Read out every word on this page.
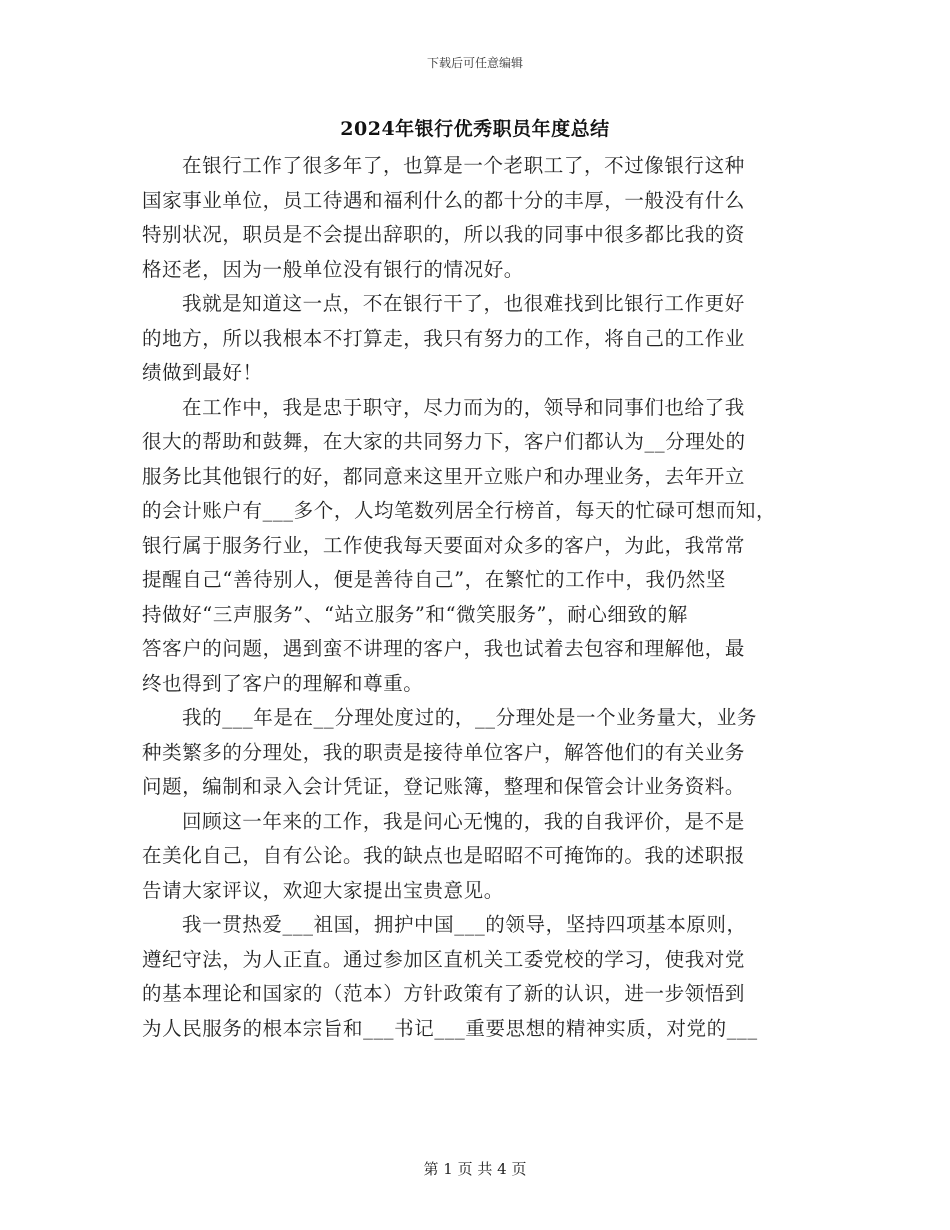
下载后可任意编辑
2024年银行优秀职员年度总结
在银行工作了很多年了，也算是一个老职工了，不过像银行这种
国家事业单位，员工待遇和福利什么的都十分的丰厚，一般没有什么
特别状况，职员是不会提出辞职的，所以我的同事中很多都比我的资
格还老，因为一般单位没有银行的情况好。
我就是知道这一点，不在银行干了，也很难找到比银行工作更好
的地方，所以我根本不打算走，我只有努力的工作，将自己的工作业
绩做到最好！
在工作中，我是忠于职守，尽力而为的，领导和同事们也给了我
很大的帮助和鼓舞，在大家的共同努力下，客户们都认为__分理处的
服务比其他银行的好，都同意来这里开立账户和办理业务，去年开立
的会计账户有___多个，人均笔数列居全行榜首，每天的忙碌可想而知，
银行属于服务行业，工作使我每天要面对众多的客户，为此，我常常
提醒自己“善待别人，便是善待自己”，在繁忙的工作中，我仍然坚
持做好“三声服务”、“站立服务”和“微笑服务”，耐心细致的解
答客户的问题，遇到蛮不讲理的客户，我也试着去包容和理解他，最
终也得到了客户的理解和尊重。
我的___年是在__分理处度过的，__分理处是一个业务量大，业务
种类繁多的分理处，我的职责是接待单位客户，解答他们的有关业务
问题，编制和录入会计凭证，登记账簿，整理和保管会计业务资料。
回顾这一年来的工作，我是问心无愧的，我的自我评价，是不是
在美化自己，自有公论。我的缺点也是昭昭不可掩饰的。我的述职报
告请大家评议，欢迎大家提出宝贵意见。
我一贯热爱___祖国，拥护中国___的领导，坚持四项基本原则，
遵纪守法，为人正直。通过参加区直机关工委党校的学习，使我对党
的基本理论和国家的（范本）方针政策有了新的认识，进一步领悟到
为人民服务的根本宗旨和___书记___重要思想的精神实质，对党的___
第 1 页 共 4 页
